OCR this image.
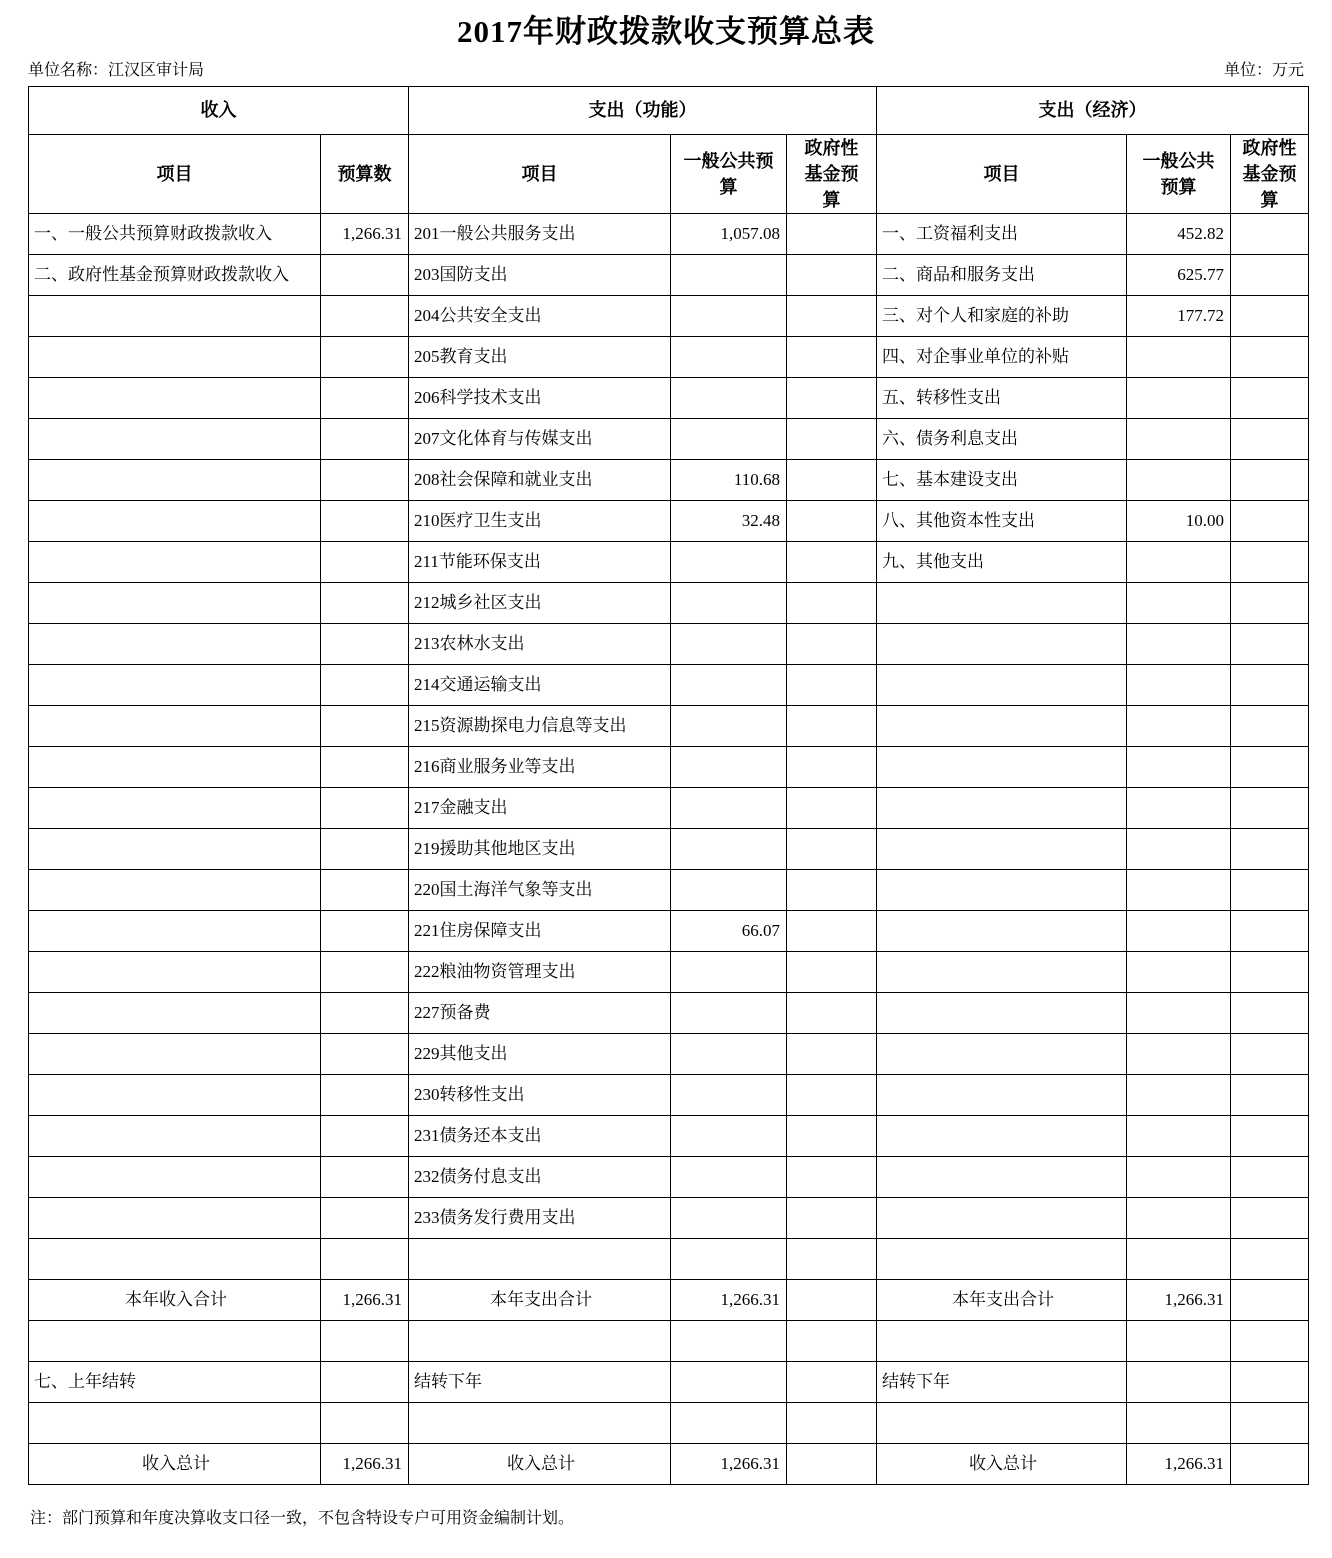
2017年财政拨款收支预算总表
单位名称：江汉区审计局	单位：万元
收入		支出（功能）			支出（经济）		
项目	预算数	项目	一般公共预算	政府性基金预算	项目	一般公共预算	政府性基金预算
一、一般公共预算财政拨款收入	1,266.31	201一般公共服务支出	1,057.08		一、工资福利支出	452.82	
二、政府性基金预算财政拨款收入		203国防支出			二、商品和服务支出	625.77	
		204公共安全支出			三、对个人和家庭的补助	177.72	
		205教育支出			四、对企事业单位的补贴		
		206科学技术支出			五、转移性支出		
		207文化体育与传媒支出			六、债务利息支出		
		208社会保障和就业支出	110.68		七、基本建设支出		
		210医疗卫生支出	32.48		八、其他资本性支出	10.00	
		211节能环保支出			九、其他支出		
		212城乡社区支出					
		213农林水支出					
		214交通运输支出					
		215资源勘探电力信息等支出					
		216商业服务业等支出					
		217金融支出					
		219援助其他地区支出					
		220国土海洋气象等支出					
		221住房保障支出	66.07				
		222粮油物资管理支出					
		227预备费					
		229其他支出					
		230转移性支出					
		231债务还本支出					
		232债务付息支出					
		233债务发行费用支出					

本年收入合计	1,266.31	本年支出合计	1,266.31		本年支出合计	1,266.31	

七、上年结转		结转下年			结转下年		

收入总计	1,266.31	收入总计	1,266.31		收入总计	1,266.31	
注：部门预算和年度决算收支口径一致，不包含特设专户可用资金编制计划。
